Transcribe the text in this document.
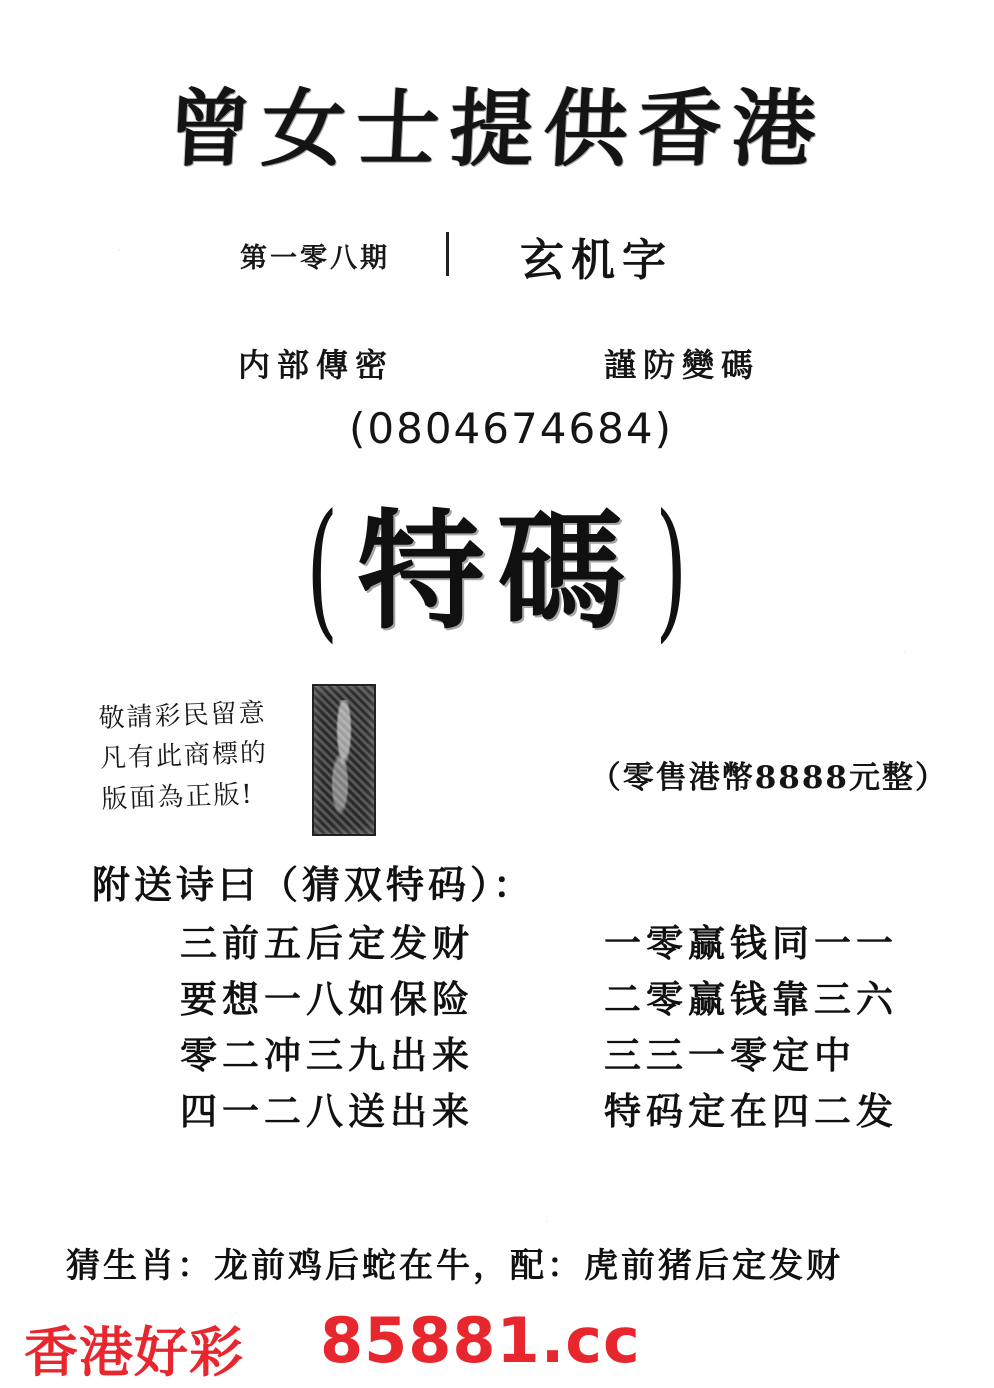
曾女士提供香港
第一零八期	玄机字
内部傳密	謹防變碼
(0804674684)
( 特碼 )
敬請彩民留意
凡有此商標的
版面為正版!
（零售港幣8888元整）
附送诗曰（猜双特码）：
三前五后定发财	一零赢钱同一一
要想一八如保险	二零赢钱靠三六
零二冲三九出来	三三一零定中
四一二八送出来	特码定在四二发
猜生肖：龙前鸡后蛇在牛，配：虎前猪后定发财
香港好彩 85881.cc
